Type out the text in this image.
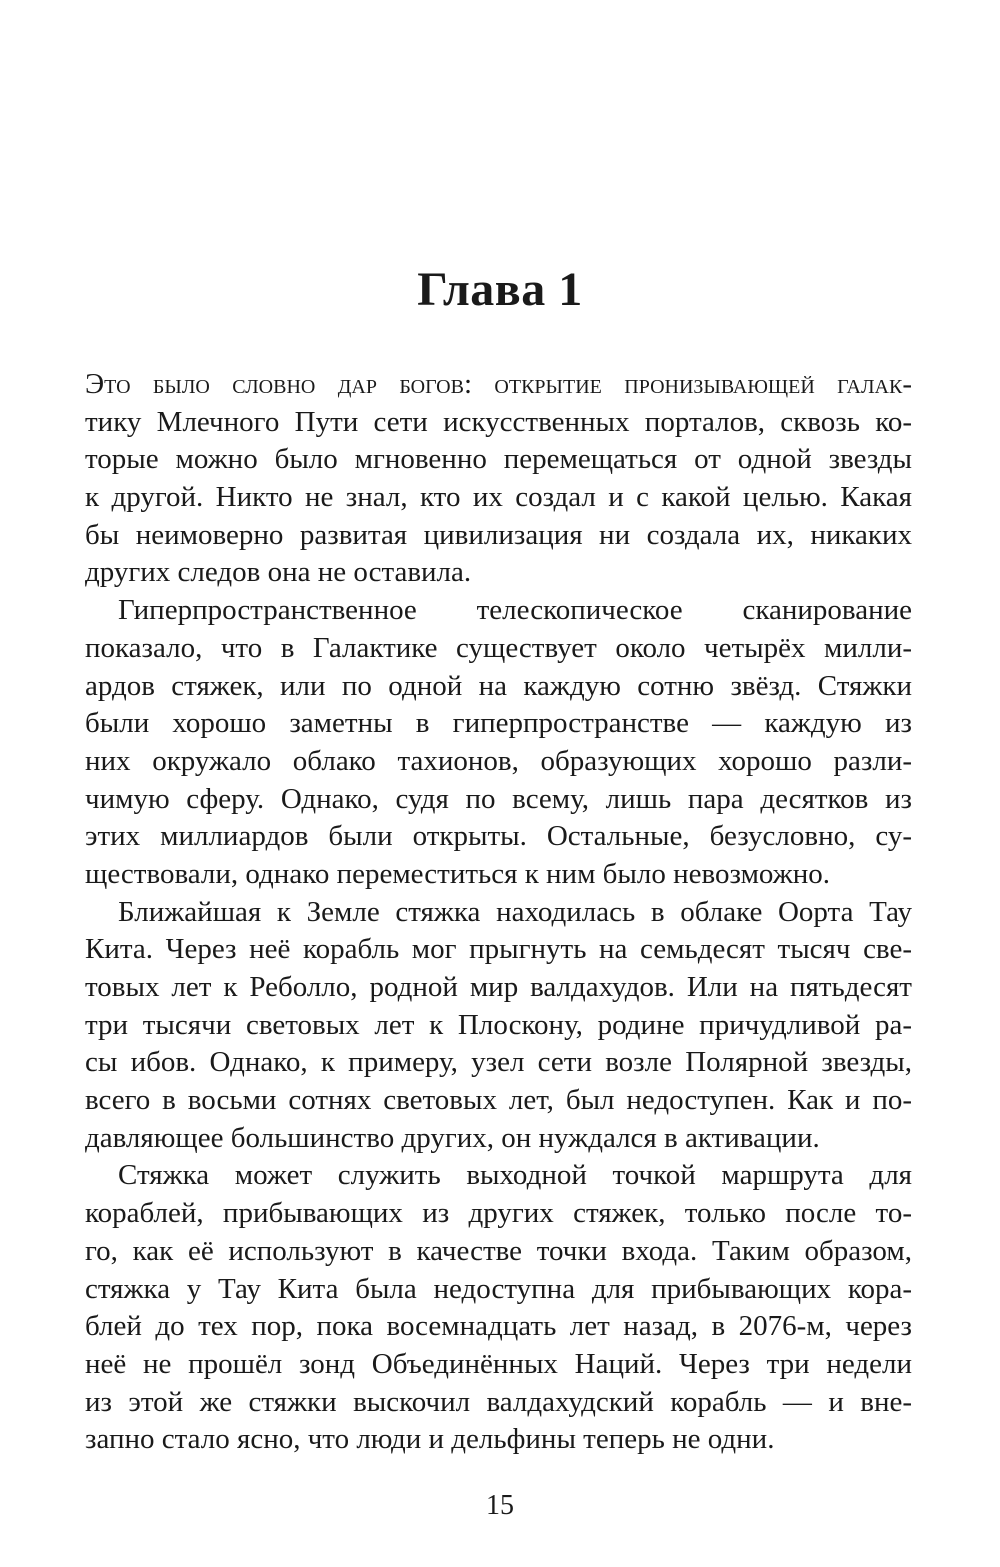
Глава 1
Это было словно дар богов: открытие пронизывающей галак-
тику Млечного Пути сети искусственных порталов, сквозь ко-
торые можно было мгновенно перемещаться от одной звезды
к другой. Никто не знал, кто их создал и с какой целью. Какая
бы неимоверно развитая цивилизация ни создала их, никаких
других следов она не оставила.
Гиперпространственное телескопическое сканирование
показало, что в Галактике существует около четырёх милли-
ардов стяжек, или по одной на каждую сотню звёзд. Стяжки
были хорошо заметны в гиперпространстве — каждую из
них окружало облако тахионов, образующих хорошо разли-
чимую сферу. Однако, судя по всему, лишь пара десятков из
этих миллиардов были открыты. Остальные, безусловно, су-
ществовали, однако переместиться к ним было невозможно.
Ближайшая к Земле стяжка находилась в облаке Оорта Тау
Кита. Через неё корабль мог прыгнуть на семьдесят тысяч све-
товых лет к Реболло, родной мир валдахудов. Или на пятьдесят
три тысячи световых лет к Плоскону, родине причудливой ра-
сы ибов. Однако, к примеру, узел сети возле Полярной звезды,
всего в восьми сотнях световых лет, был недоступен. Как и по-
давляющее большинство других, он нуждался в активации.
Стяжка может служить выходной точкой маршрута для
кораблей, прибывающих из других стяжек, только после то-
го, как её используют в качестве точки входа. Таким образом,
стяжка у Тау Кита была недоступна для прибывающих кора-
блей до тех пор, пока восемнадцать лет назад, в 2076-м, через
неё не прошёл зонд Объединённых Наций. Через три недели
из этой же стяжки выскочил валдахудский корабль — и вне-
запно стало ясно, что люди и дельфины теперь не одни.
15
